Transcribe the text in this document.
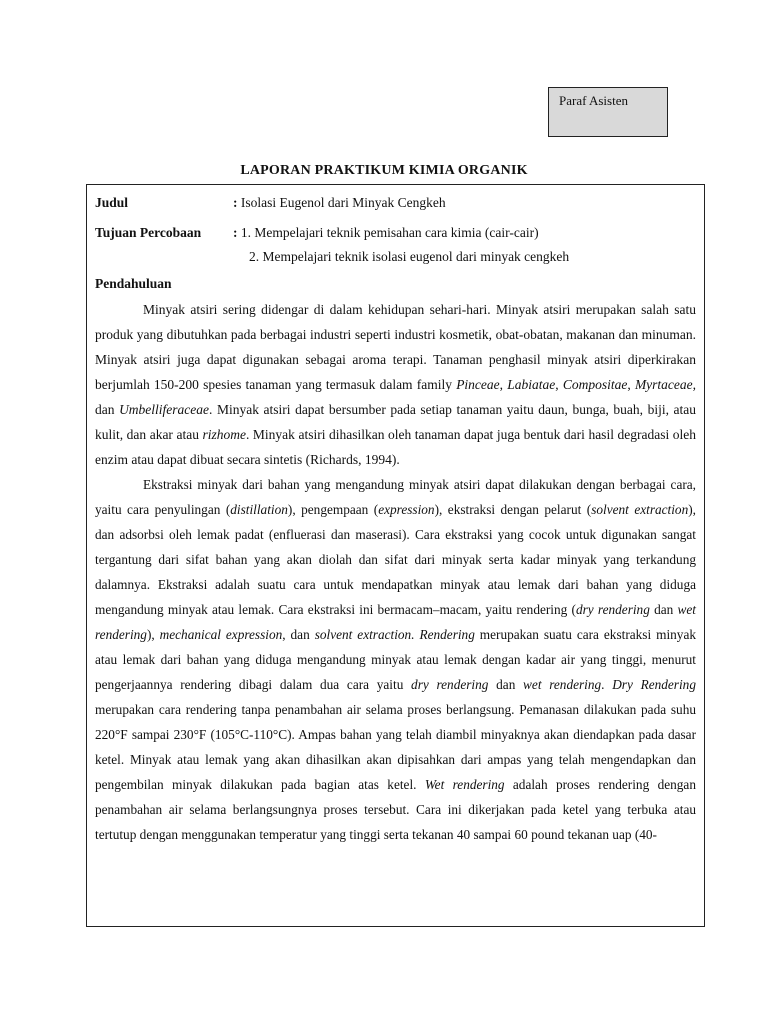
Paraf Asisten
LAPORAN PRAKTIKUM KIMIA ORGANIK
Judul	: Isolasi Eugenol dari Minyak Cengkeh
Tujuan Percobaan	: 1. Mempelajari teknik pemisahan cara kimia (cair-cair)
2. Mempelajari teknik isolasi eugenol dari minyak cengkeh
Pendahuluan

Minyak atsiri sering didengar di dalam kehidupan sehari-hari. Minyak atsiri merupakan salah satu produk yang dibutuhkan pada berbagai industri seperti industri kosmetik, obat-obatan, makanan dan minuman. Minyak atsiri juga dapat digunakan sebagai aroma terapi. Tanaman penghasil minyak atsiri diperkirakan berjumlah 150-200 spesies tanaman yang termasuk dalam family Pinceae, Labiatae, Compositae, Myrtaceae, dan Umbelliferaceae. Minyak atsiri dapat bersumber pada setiap tanaman yaitu daun, bunga, buah, biji, atau kulit, dan akar atau rizhome. Minyak atsiri dihasilkan oleh tanaman dapat juga bentuk dari hasil degradasi oleh enzim atau dapat dibuat secara sintetis (Richards, 1994).

Ekstraksi minyak dari bahan yang mengandung minyak atsiri dapat dilakukan dengan berbagai cara, yaitu cara penyulingan (distillation), pengempaan (expression), ekstraksi dengan pelarut (solvent extraction), dan adsorbsi oleh lemak padat (enfluerasi dan maserasi). Cara ekstraksi yang cocok untuk digunakan sangat tergantung dari sifat bahan yang akan diolah dan sifat dari minyak serta kadar minyak yang terkandung dalamnya. Ekstraksi adalah suatu cara untuk mendapatkan minyak atau lemak dari bahan yang diduga mengandung minyak atau lemak. Cara ekstraksi ini bermacam–macam, yaitu rendering (dry rendering dan wet rendering), mechanical expression, dan solvent extraction. Rendering merupakan suatu cara ekstraksi minyak atau lemak dari bahan yang diduga mengandung minyak atau lemak dengan kadar air yang tinggi, menurut pengerjaannya rendering dibagi dalam dua cara yaitu dry rendering dan wet rendering. Dry Rendering merupakan cara rendering tanpa penambahan air selama proses berlangsung. Pemanasan dilakukan pada suhu 220°F sampai 230°F (105°C-110°C). Ampas bahan yang telah diambil minyaknya akan diendapkan pada dasar ketel. Minyak atau lemak yang akan dihasilkan akan dipisahkan dari ampas yang telah mengendapkan dan pengembilan minyak dilakukan pada bagian atas ketel. Wet rendering adalah proses rendering dengan penambahan air selama berlangsungnya proses tersebut. Cara ini dikerjakan pada ketel yang terbuka atau tertutup dengan menggunakan temperatur yang tinggi serta tekanan 40 sampai 60 pound tekanan uap (40-
